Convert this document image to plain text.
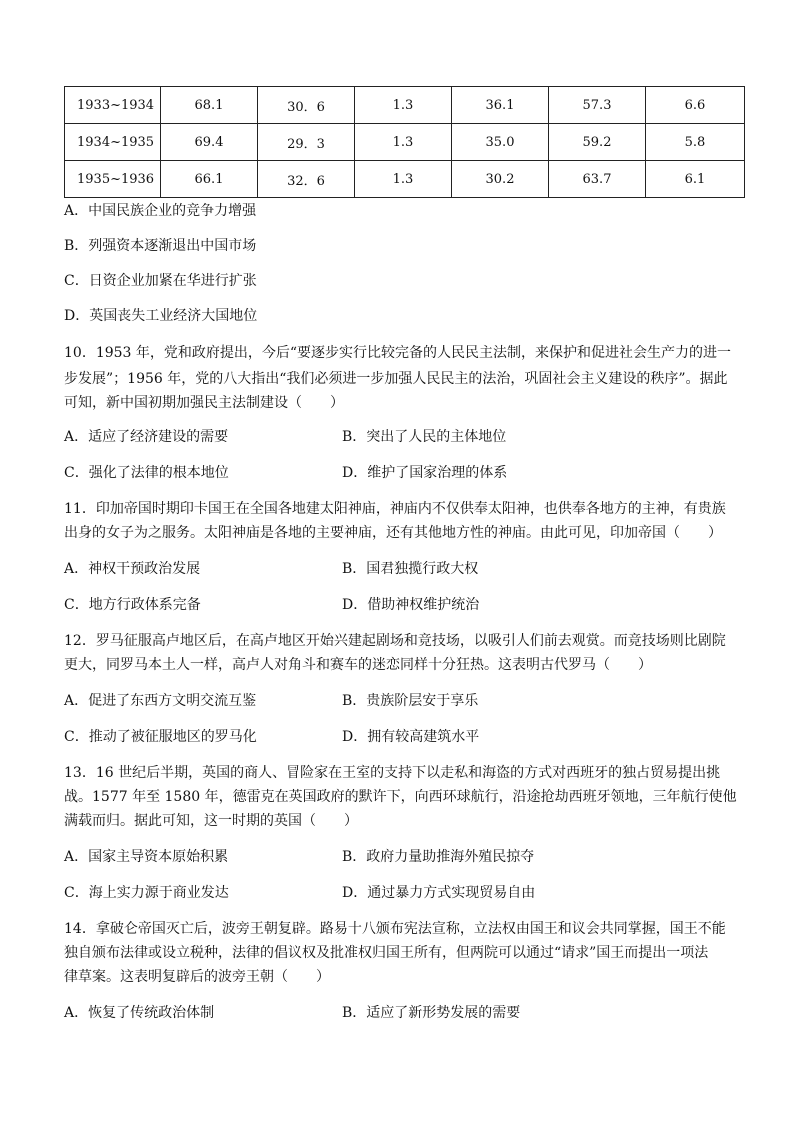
1933~1934	68.1	30．6	1.3	36.1	57.3	6.6
1934~1935	69.4	29．3	1.3	35.0	59.2	5.8
1935~1936	66.1	32．6	1.3	30.2	63.7	6.1
A．中国民族企业的竞争力增强
B．列强资本逐渐退出中国市场
C．日资企业加紧在华进行扩张
D．英国丧失工业经济大国地位
10．1953 年，党和政府提出，今后“要逐步实行比较完备的人民民主法制，来保护和促进社会生产力的进一
步发展”；1956 年，党的八大指出“我们必须进一步加强人民民主的法治，巩固社会主义建设的秩序”。据此
可知，新中国初期加强民主法制建设（　　）
A．适应了经济建设的需要	B．突出了人民的主体地位
C．强化了法律的根本地位	D．维护了国家治理的体系
11．印加帝国时期印卡国王在全国各地建太阳神庙，神庙内不仅供奉太阳神，也供奉各地方的主神，有贵族
出身的女子为之服务。太阳神庙是各地的主要神庙，还有其他地方性的神庙。由此可见，印加帝国（　　）
A．神权干预政治发展	B．国君独揽行政大权
C．地方行政体系完备	D．借助神权维护统治
12．罗马征服高卢地区后，在高卢地区开始兴建起剧场和竞技场，以吸引人们前去观赏。而竞技场则比剧院
更大，同罗马本土人一样，高卢人对角斗和赛车的迷恋同样十分狂热。这表明古代罗马（　　）
A．促进了东西方文明交流互鉴	B．贵族阶层安于享乐
C．推动了被征服地区的罗马化	D．拥有较高建筑水平
13．16 世纪后半期，英国的商人、冒险家在王室的支持下以走私和海盗的方式对西班牙的独占贸易提出挑
战。1577 年至 1580 年，德雷克在英国政府的默许下，向西环球航行，沿途抢劫西班牙领地，三年航行使他
满载而归。据此可知，这一时期的英国（　　）
A．国家主导资本原始积累	B．政府力量助推海外殖民掠夺
C．海上实力源于商业发达	D．通过暴力方式实现贸易自由
14．拿破仑帝国灭亡后，波旁王朝复辟。路易十八颁布宪法宣称，立法权由国王和议会共同掌握，国王不能
独自颁布法律或设立税种，法律的倡议权及批准权归国王所有，但两院可以通过“请求”国王而提出一项法
律草案。这表明复辟后的波旁王朝（　　）
A．恢复了传统政治体制	B．适应了新形势发展的需要
